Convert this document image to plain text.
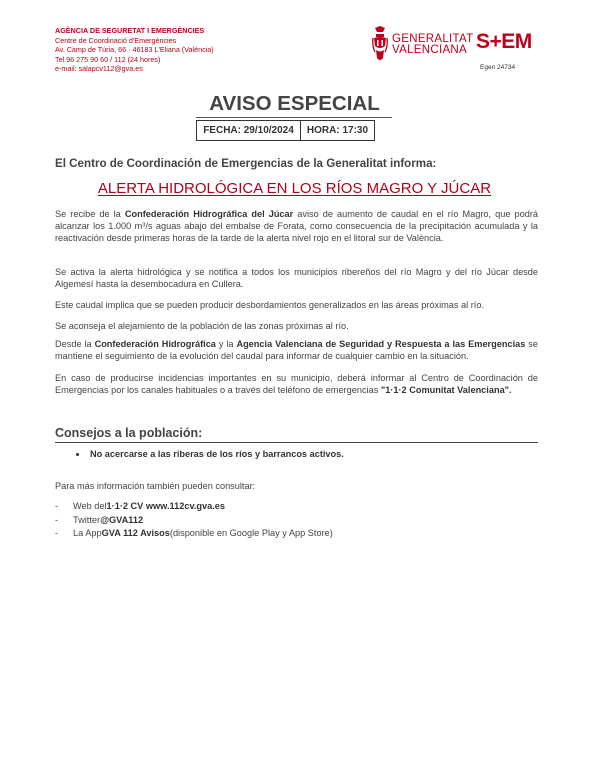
AGÈNCIA DE SEGURETAT I EMERGÈNCIES
Centre de Coordinació d'Emergències
Av. Camp de Túria, 66 · 46183 L'Eliana (València)
Tel.96 275 90 60 / 112 (24 hores)
e-mail: salapcv112@gva.es
GENERALITAT
VALENCIANA S+EM
Egen 24734
AVISO ESPECIAL
FECHA: 29/10/2024	HORA: 17:30
El Centro de Coordinación de Emergencias de la Generalitat informa:
ALERTA HIDROLÓGICA EN LOS RÍOS MAGRO Y JÚCAR
Se recibe de la Confederación Hidrográfica del Júcar aviso de aumento de caudal en el río Magro, que podrá alcanzar los 1.000 m³/s aguas abajo del embalse de Forata, como consecuencia de la precipitación acumulada y la reactivación desde primeras horas de la tarde de la alerta nivel rojo en el litoral sur de València.
Se activa la alerta hidrológica y se notifica a todos los municipios ribereños del río Magro y del río Júcar desde Algemesí hasta la desembocadura en Cullera.
Este caudal implica que se pueden producir desbordamientos generalizados en las áreas próximas al río.
Se aconseja el alejamiento de la población de las zonas próximas al río.
Desde la Confederación Hidrográfica y la Agencia Valenciana de Seguridad y Respuesta a las Emergencias se mantiene el seguimiento de la evolución del caudal para informar de cualquier cambio en la situación.
En caso de producirse incidencias importantes en su municipio, deberá informar al Centro de Coordinación de Emergencias por los canales habituales o a través del teléfono de emergencias "1·1·2 Comunitat Valenciana".
Consejos a la población:
No acercarse a las riberas de los ríos y barrancos activos.
Para más información también pueden consultar:
-	Web del 1·1·2 CV www.112cv.gva.es
-	Twitter @GVA112
-	La App GVA 112 Avisos (disponible en Google Play y App Store)
